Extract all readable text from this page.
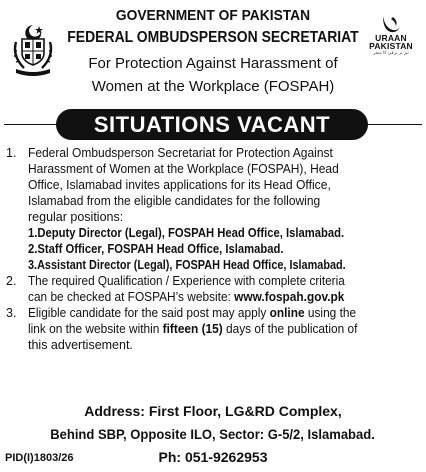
GOVERNMENT OF PAKISTAN
FEDERAL OMBUDSPERSON SECRETARIAT
For Protection Against Harassment of
Women at the Workplace (FOSPAH)
URAAN
PAKISTAN
تیز تر ترقی کا سفر
SITUATIONS VACANT
1. Federal Ombudsperson Secretariat for Protection Against
Harassment of Women at the Workplace (FOSPAH), Head
Office, Islamabad invites applications for its Head Office,
Islamabad from the eligible candidates for the following
regular positions:
1.Deputy Director (Legal), FOSPAH Head Office, Islamabad.
2.Staff Officer, FOSPAH Head Office, Islamabad.
3.Assistant Director (Legal), FOSPAH Head Office, Islamabad.
2. The required Qualification / Experience with complete criteria
can be checked at FOSPAH’s website: www.fospah.gov.pk
3. Eligible candidate for the said post may apply online using the
link on the website within fifteen (15) days of the publication of
this advertisement.
Address: First Floor, LG&RD Complex,
Behind SBP, Opposite ILO, Sector: G-5/2, Islamabad.
Ph: 051-9262953
PID(I)1803/26
